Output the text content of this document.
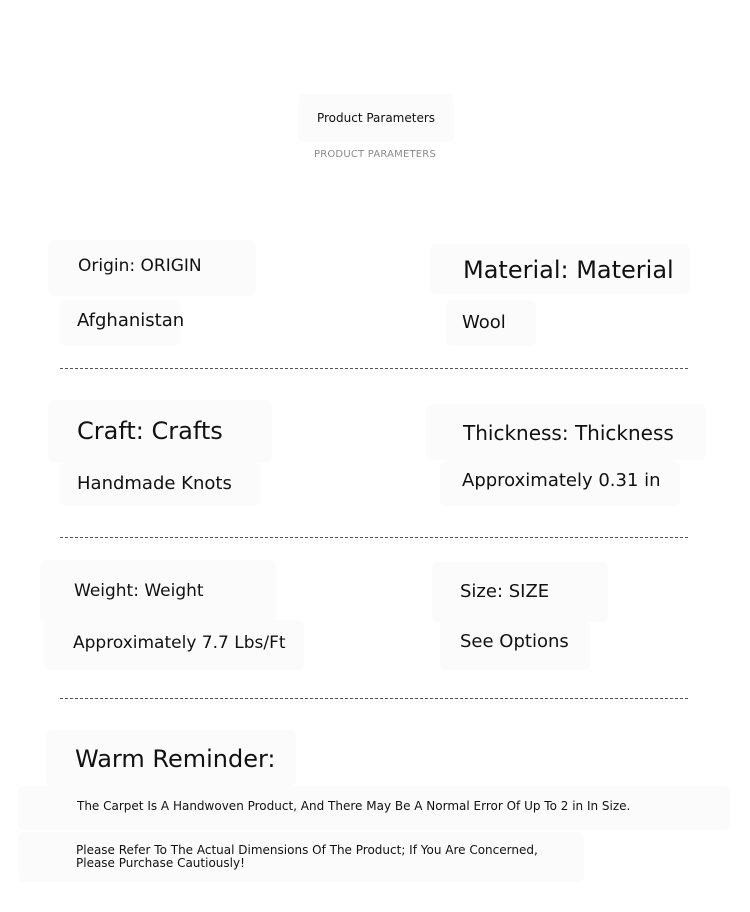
Product Parameters
PRODUCT PARAMETERS
Origin: ORIGIN
Afghanistan
Material: Material
Wool
Craft: Crafts
Handmade Knots
Thickness: Thickness
Approximately 0.31 in
Weight: Weight
Approximately 7.7 Lbs/Ft
Size: SIZE
See Options
Warm Reminder:
The Carpet Is A Handwoven Product, And There May Be A Normal Error Of Up To 2 in In Size.
Please Refer To The Actual Dimensions Of The Product; If You Are Concerned,
Please Purchase Cautiously!
